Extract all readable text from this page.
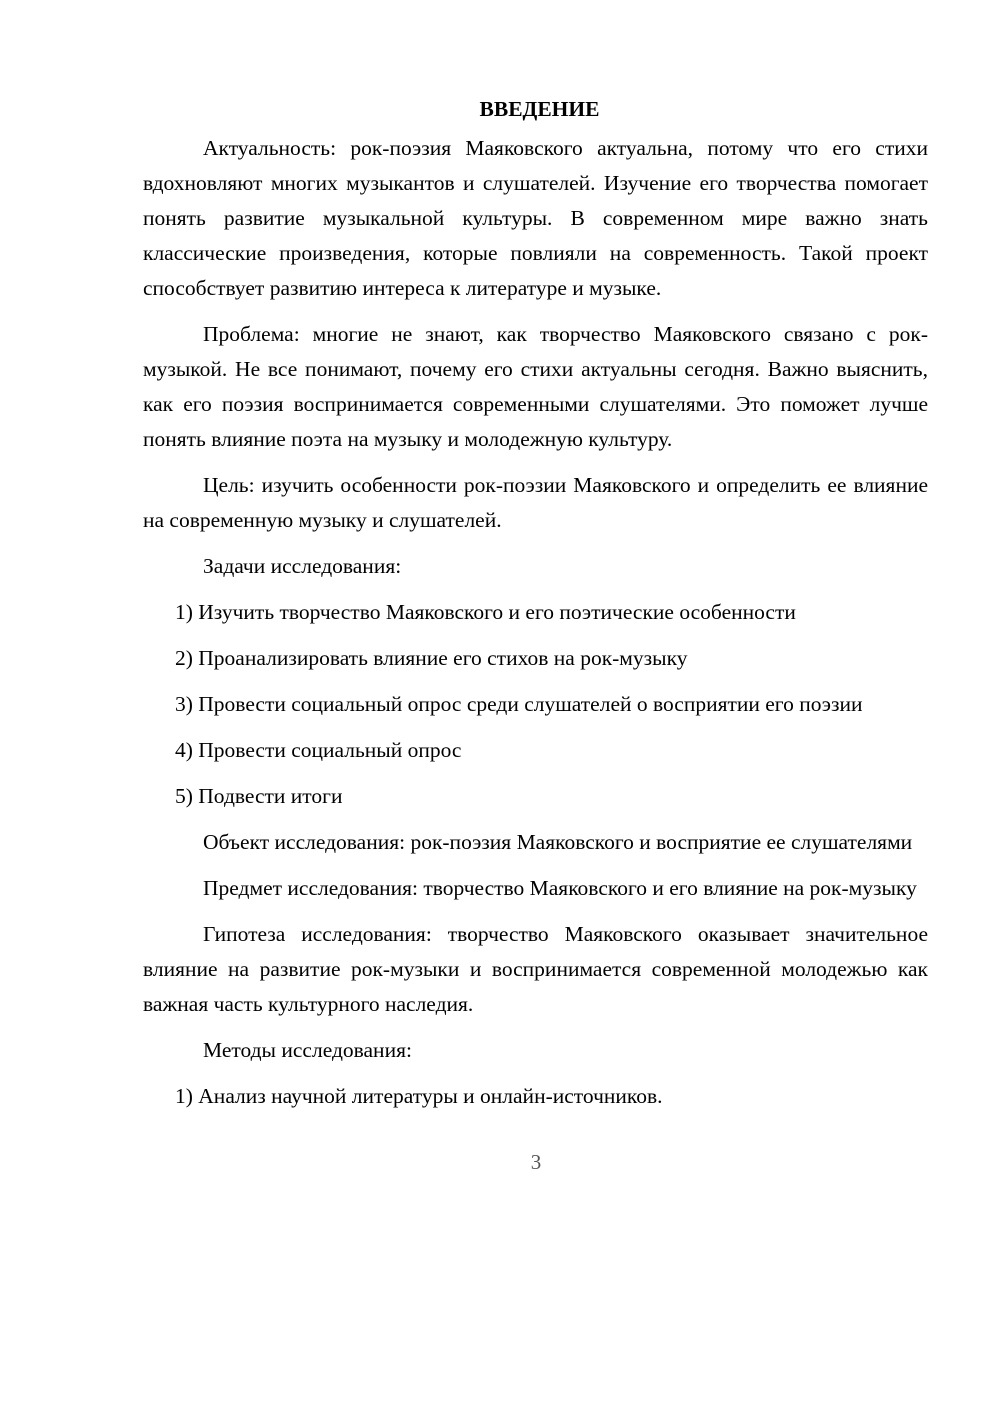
ВВЕДЕНИЕ

Актуальность: рок-поэзия Маяковского актуальна, потому что его стихи вдохновляют многих музыкантов и слушателей. Изучение его творчества помогает понять развитие музыкальной культуры. В современном мире важно знать классические произведения, которые повлияли на современность. Такой проект способствует развитию интереса к литературе и музыке.

Проблема: многие не знают, как творчество Маяковского связано с рок-музыкой. Не все понимают, почему его стихи актуальны сегодня. Важно выяснить, как его поэзия воспринимается современными слушателями. Это поможет лучше понять влияние поэта на музыку и молодежную культуру.

Цель: изучить особенности рок-поэзии Маяковского и определить ее влияние на современную музыку и слушателей.

Задачи исследования:

1) Изучить творчество Маяковского и его поэтические особенности

2) Проанализировать влияние его стихов на рок-музыку

3) Провести социальный опрос среди слушателей о восприятии его поэзии

4) Провести социальный опрос

5) Подвести итоги

Объект исследования: рок-поэзия Маяковского и восприятие ее слушателями

Предмет исследования: творчество Маяковского и его влияние на рок-музыку

Гипотеза исследования: творчество Маяковского оказывает значительное влияние на развитие рок-музыки и воспринимается современной молодежью как важная часть культурного наследия.

Методы исследования:

1) Анализ научной литературы и онлайн-источников.

3
